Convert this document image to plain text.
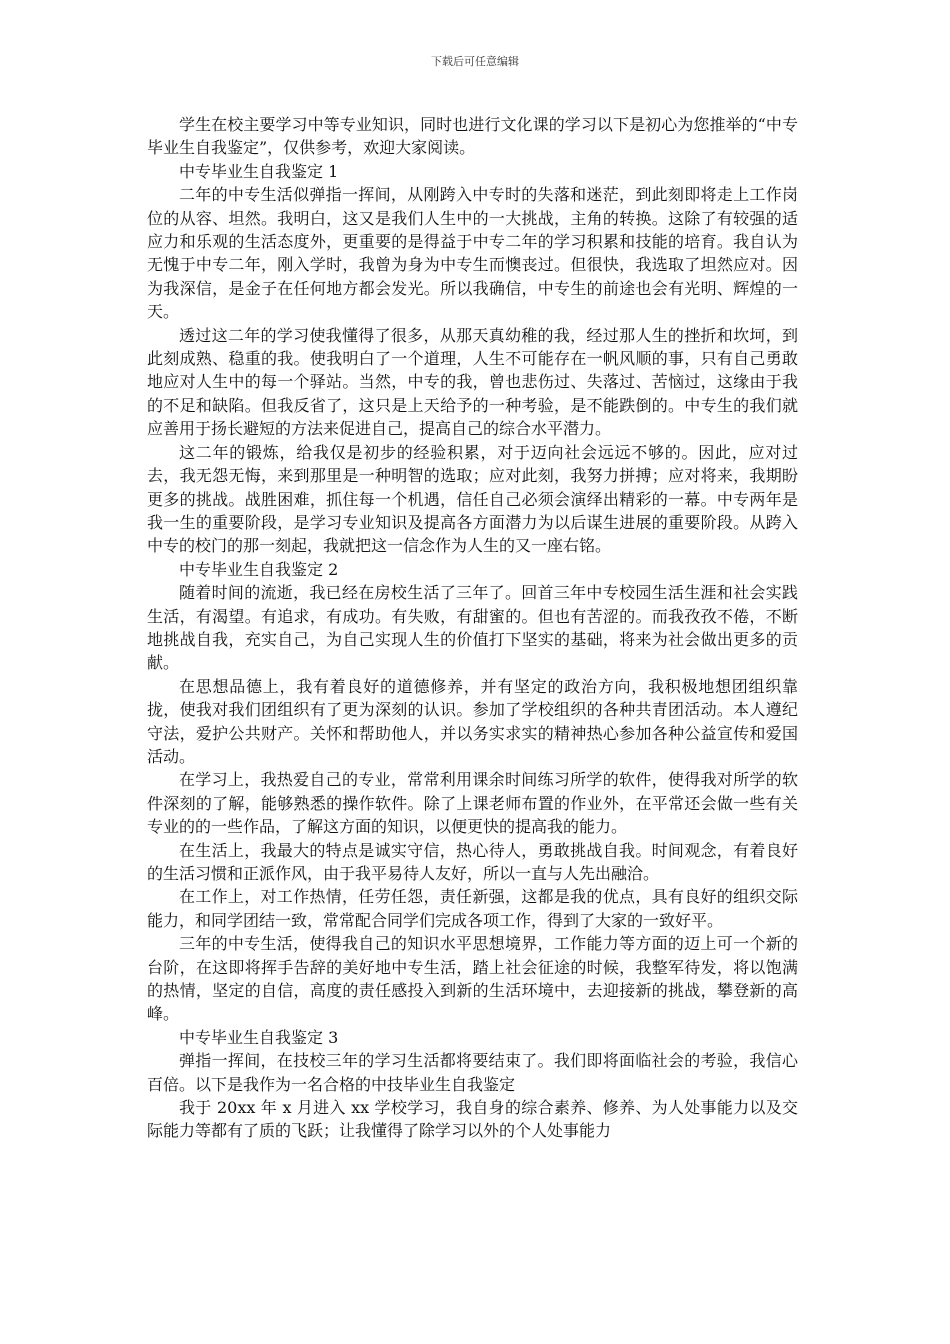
下载后可任意编辑

学生在校主要学习中等专业知识，同时也进行文化课的学习以下是初心为您推举的“中专毕业生自我鉴定”，仅供参考，欢迎大家阅读。

中专毕业生自我鉴定 1

二年的中专生活似弹指一挥间，从刚跨入中专时的失落和迷茫，到此刻即将走上工作岗位的从容、坦然。我明白，这又是我们人生中的一大挑战，主角的转换。这除了有较强的适应力和乐观的生活态度外，更重要的是得益于中专二年的学习积累和技能的培育。我自认为无愧于中专二年，刚入学时，我曾为身为中专生而懊丧过。但很快，我选取了坦然应对。因为我深信，是金子在任何地方都会发光。所以我确信，中专生的前途也会有光明、辉煌的一天。

透过这二年的学习使我懂得了很多，从那天真幼稚的我，经过那人生的挫折和坎坷，到此刻成熟、稳重的我。使我明白了一个道理，人生不可能存在一帆风顺的事，只有自己勇敢地应对人生中的每一个驿站。当然，中专的我，曾也悲伤过、失落过、苦恼过，这缘由于我的不足和缺陷。但我反省了，这只是上天给予的一种考验，是不能跌倒的。中专生的我们就应善用于扬长避短的方法来促进自己，提高自己的综合水平潜力。

这二年的锻炼，给我仅是初步的经验积累，对于迈向社会远远不够的。因此，应对过去，我无怨无悔，来到那里是一种明智的选取；应对此刻，我努力拼搏；应对将来，我期盼更多的挑战。战胜困难，抓住每一个机遇，信任自己必须会演绎出精彩的一幕。中专两年是我一生的重要阶段，是学习专业知识及提高各方面潜力为以后谋生进展的重要阶段。从跨入中专的校门的那一刻起，我就把这一信念作为人生的又一座右铭。

中专毕业生自我鉴定 2

随着时间的流逝，我已经在房校生活了三年了。回首三年中专校园生活生涯和社会实践生活，有渴望。有追求，有成功。有失败，有甜蜜的。但也有苦涩的。而我孜孜不倦，不断地挑战自我，充实自己，为自己实现人生的价值打下坚实的基础，将来为社会做出更多的贡献。

在思想品德上，我有着良好的道德修养，并有坚定的政治方向，我积极地想团组织靠拢，使我对我们团组织有了更为深刻的认识。参加了学校组织的各种共青团活动。本人遵纪守法，爱护公共财产。关怀和帮助他人，并以务实求实的精神热心参加各种公益宣传和爱国活动。

在学习上，我热爱自己的专业，常常利用课余时间练习所学的软件，使得我对所学的软件深刻的了解，能够熟悉的操作软件。除了上课老师布置的作业外，在平常还会做一些有关专业的的一些作品，了解这方面的知识，以便更快的提高我的能力。

在生活上，我最大的特点是诚实守信，热心待人，勇敢挑战自我。时间观念，有着良好的生活习惯和正派作风，由于我平易待人友好，所以一直与人先出融洽。

在工作上，对工作热情，任劳任怨，责任新强，这都是我的优点，具有良好的组织交际能力，和同学团结一致，常常配合同学们完成各项工作，得到了大家的一致好平。

三年的中专生活，使得我自己的知识水平思想境界，工作能力等方面的迈上可一个新的台阶，在这即将挥手告辞的美好地中专生活，踏上社会征途的时候，我整军待发，将以饱满的热情，坚定的自信，高度的责任感投入到新的生活环境中，去迎接新的挑战，攀登新的高峰。

中专毕业生自我鉴定 3

弹指一挥间，在技校三年的学习生活都将要结束了。我们即将面临社会的考验，我信心百倍。以下是我作为一名合格的中技毕业生自我鉴定

我于 20xx 年 x 月进入 xx 学校学习，我自身的综合素养、修养、为人处事能力以及交际能力等都有了质的飞跃；让我懂得了除学习以外的个人处事能力
